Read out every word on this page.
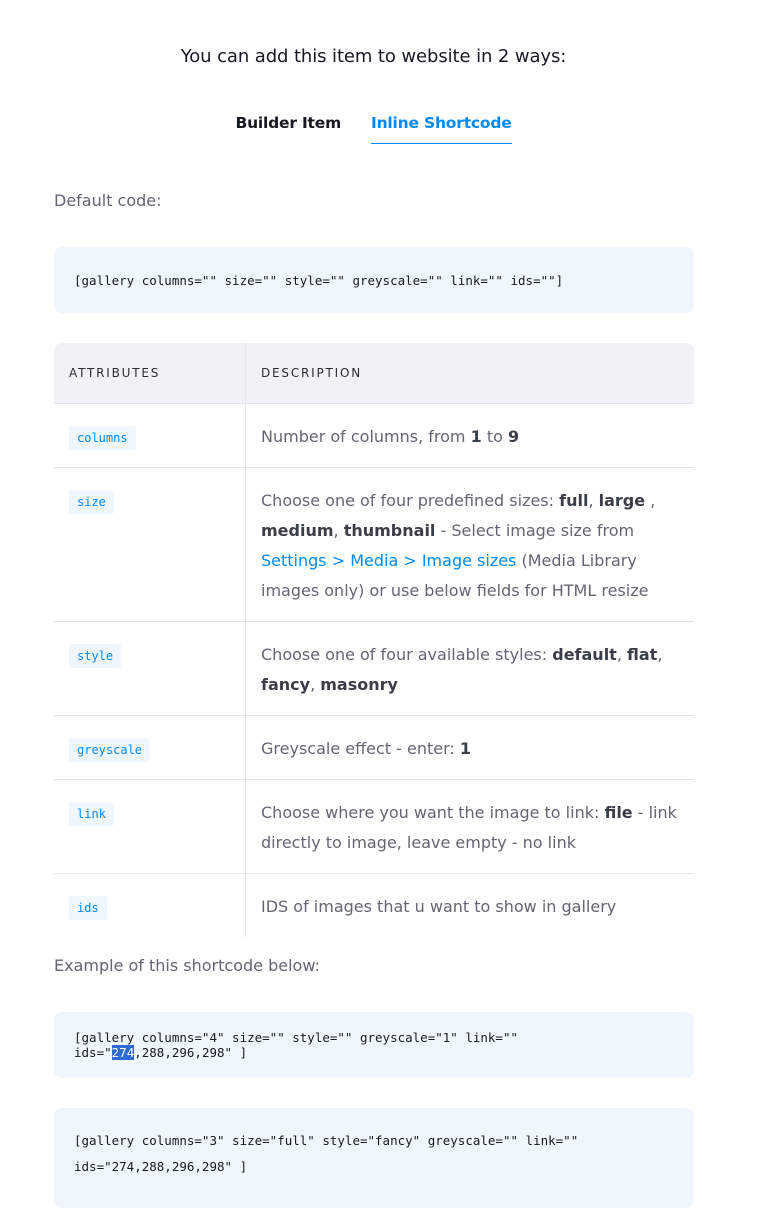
You can add this item to website in 2 ways:
Builder Item Inline Shortcode
Default code:
[gallery columns="" size="" style="" greyscale="" link="" ids=""]
ATTRIBUTES	DESCRIPTION
columns	Number of columns, from 1 to 9
size	Choose one of four predefined sizes: full, large , medium, thumbnail - Select image size from Settings > Media > Image sizes (Media Library images only) or use below fields for HTML resize
style	Choose one of four available styles: default, flat, fancy, masonry
greyscale	Greyscale effect - enter: 1
link	Choose where you want the image to link: file - link directly to image, leave empty - no link
ids	IDS of images that u want to show in gallery
Example of this shortcode below:
[gallery columns="4" size="" style="" greyscale="1" link="" ids="274,288,296,298" ]
[gallery columns="3" size="full" style="fancy" greyscale="" link=""
ids="274,288,296,298" ]
